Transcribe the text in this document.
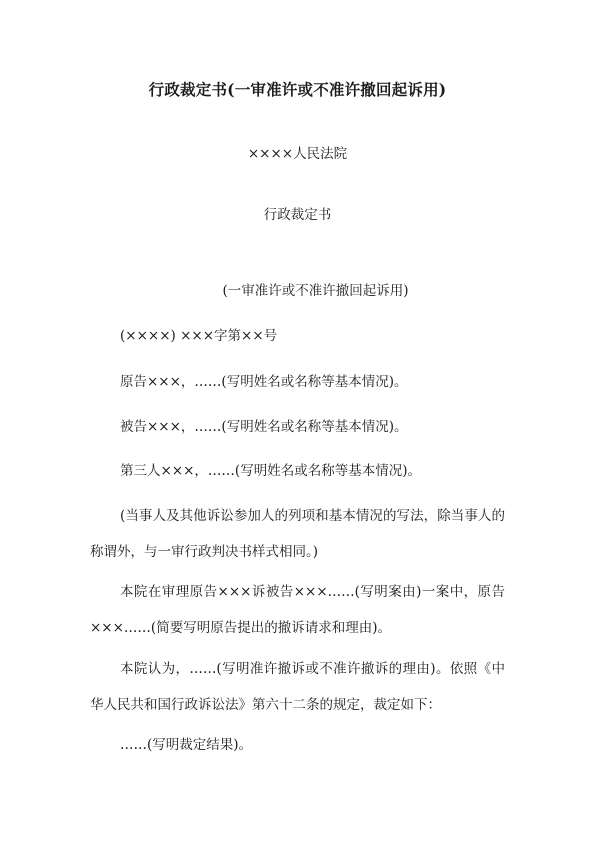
行政裁定书(一审准许或不准许撤回起诉用)
××××人民法院
行政裁定书
(一审准许或不准许撤回起诉用)

(××××) ×××字第××号

原告×××，……(写明姓名或名称等基本情况)。

被告×××，……(写明姓名或名称等基本情况)。

第三人×××，……(写明姓名或名称等基本情况)。

(当事人及其他诉讼参加人的列项和基本情况的写法，除当事人的称谓外，与一审行政判决书样式相同。)

本院在审理原告×××诉被告×××……(写明案由)一案中，原告×××……(简要写明原告提出的撤诉请求和理由)。

本院认为，……(写明准许撤诉或不准许撤诉的理由)。依照《中华人民共和国行政诉讼法》第六十二条的规定，裁定如下：

……(写明裁定结果)。
